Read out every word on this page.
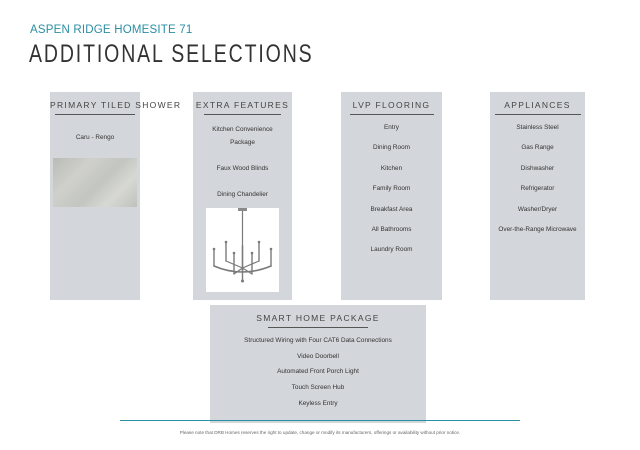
ASPEN RIDGE HOMESITE 71
ADDITIONAL SELECTIONS
PRIMARY TILED SHOWER
Caru - Rengo
EXTRA FEATURES
Kitchen Convenience
Package
Faux Wood Blinds
Dining Chandelier
LVP FLOORING
Entry
Dining Room
Kitchen
Family Room
Breakfast Area
All Bathrooms
Laundry Room
APPLIANCES
Stainless Steel
Gas Range
Dishwasher
Refrigerator
Washer/Dryer
Over-the-Range Microwave
SMART HOME PACKAGE
Structured Wiring with Four CAT6 Data Connections
Video Doorbell
Automated Front Porch Light
Touch Screen Hub
Keyless Entry
Please note that DRB Homes reserves the right to update, change or modify its manufacturers, offerings or availability without prior notice.
